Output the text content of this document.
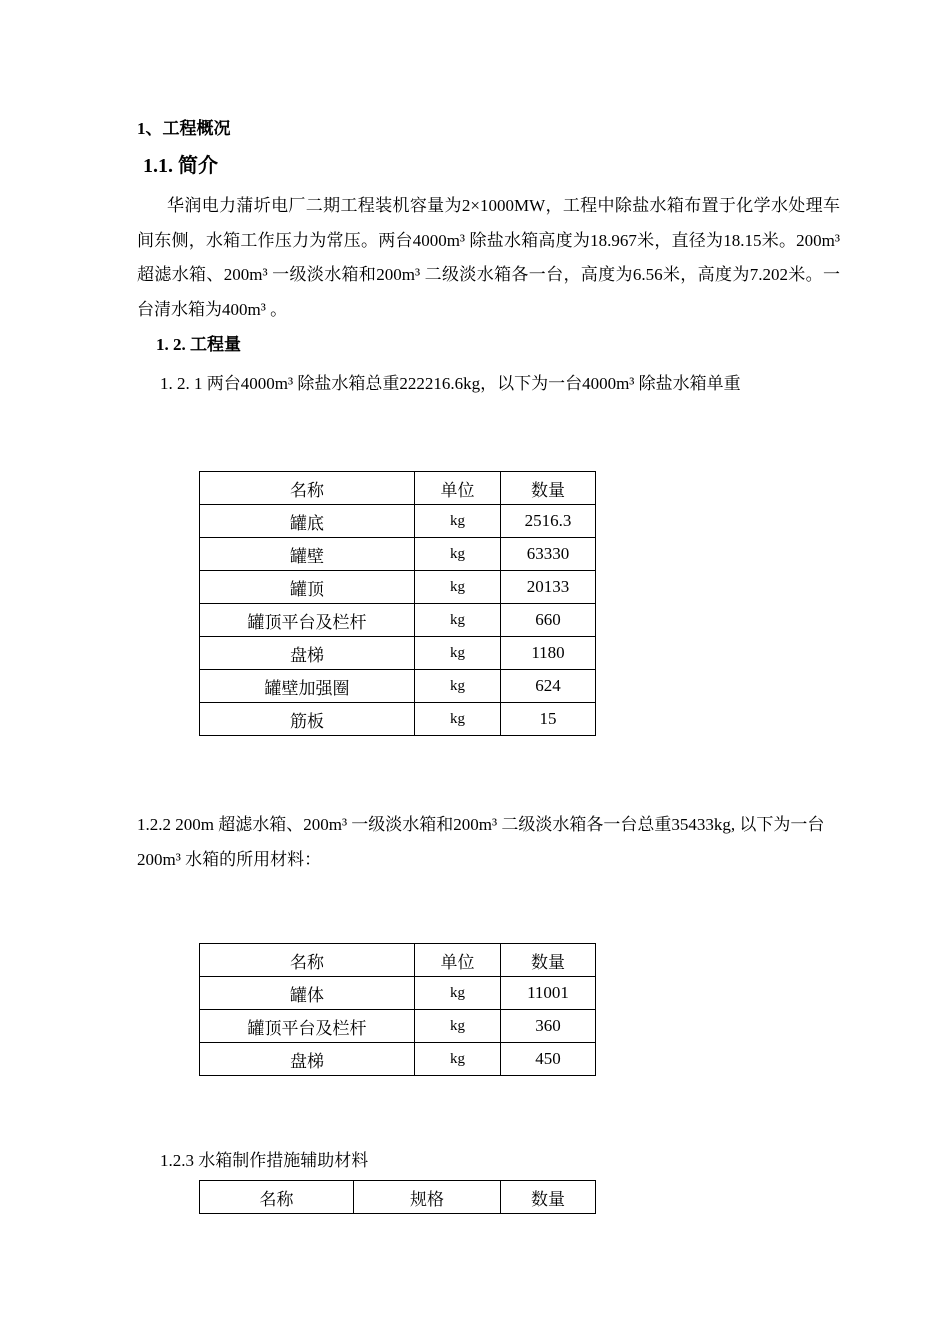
1、工程概况
1.1. 简介

华润电力蒲圻电厂二期工程装机容量为2×1000MW，工程中除盐水箱布置于化学水处理车间东侧，水箱工作压力为常压。两台4000m³ 除盐水箱高度为18.967米，直径为18.15米。200m³ 超滤水箱、200m³ 一级淡水箱和200m³ 二级淡水箱各一台，高度为6.56米，高度为7.202米。一台清水箱为400m³ 。

1. 2. 工程量
1. 2. 1 两台4000m³ 除盐水箱总重222216.6kg，以下为一台4000m³ 除盐水箱单重
名称	单位	数量
罐底	kg	2516.3
罐壁	kg	63330
罐顶	kg	20133
罐顶平台及栏杆	kg	660
盘梯	kg	1180
罐壁加强圈	kg	624
筋板	kg	15
1.2.2 200m 超滤水箱、200m³ 一级淡水箱和200m³ 二级淡水箱各一台总重35433kg, 以下为一台200m³ 水箱的所用材料：
名称	单位	数量
罐体	kg	11001
罐顶平台及栏杆	kg	360
盘梯	kg	450
1.2.3 水箱制作措施辅助材料
名称	规格	数量
